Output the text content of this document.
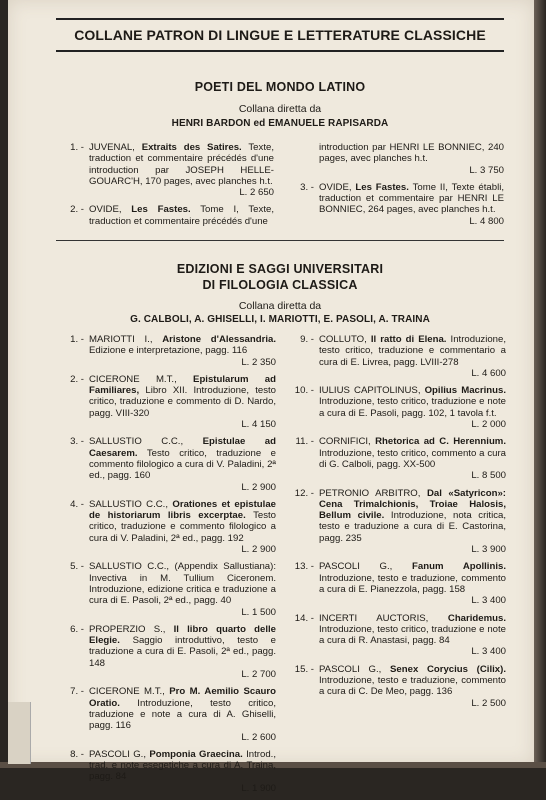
COLLANE PATRON DI LINGUE E LETTERATURE CLASSICHE
POETI DEL MONDO LATINO
Collana diretta da
HENRI BARDON ed EMANUELE RAPISARDA
1. - JUVENAL, Extraits des Satires. Texte, traduction et commentaire précédés d'une introduction par JOSEPH HELLE-GOUARC'H, 170 pages, avec planches h.t.
L. 2 650
2. - OVIDE, Les Fastes. Tome I, Texte, traduction et commentaire précédés d'une
introduction par HENRI LE BONNIEC, 240 pages, avec planches h.t.
L. 3 750
3. - OVIDE, Les Fastes. Tome II, Texte établi, traduction et commentaire par HENRI LE BONNIEC, 264 pages, avec planches h.t.
L. 4 800
EDIZIONI E SAGGI UNIVERSITARI
DI FILOLOGIA CLASSICA
Collana diretta da
G. CALBOLI, A. GHISELLI, I. MARIOTTI, E. PASOLI, A. TRAINA
1. - MARIOTTI I., Aristone d'Alessandria. Edizione e interpretazione, pagg. 116
L. 2 350
2. - CICERONE M.T., Epistularum ad Familiares, Libro XII. Introduzione, testo critico, traduzione e commento di D. Nardo, pagg. VIII-320
L. 4 150
3. - SALLUSTIO C.C., Epistulae ad Caesarem. Testo critico, traduzione e commento filologico a cura di V. Paladini, 2ª ed., pagg. 160
L. 2 900
4. - SALLUSTIO C.C., Orationes et epistulae de historiarum libris excerptae. Testo critico, traduzione e commento filologico a cura di V. Paladini, 2ª ed., pagg. 192
L. 2 900
5. - SALLUSTIO C.C., (Appendix Sallustiana): Invectiva in M. Tullium Ciceronem. Introduzione, edizione critica e traduzione a cura di E. Pasoli, 2ª ed., pagg. 40
L. 1 500
6. - PROPERZIO S., Il libro quarto delle Elegie. Saggio introduttivo, testo e traduzione a cura di E. Pasoli, 2ª ed., pagg. 148
L. 2 700
7. - CICERONE M.T., Pro M. Aemilio Scauro Oratio. Introduzione, testo critico, traduzione e note a cura di A. Ghiselli, pagg. 116
L. 2 600
8. - PASCOLI G., Pomponia Graecina. Introd., trad. e note esegetiche a cura di A. Traina, pagg. 84
L. 1 900
9. - COLLUTO, Il ratto di Elena. Introduzione, testo critico, traduzione e commentario a cura di E. Livrea, pagg. LVIII-278
L. 4 600
10. - IULIUS CAPITOLINUS, Opilius Macrinus. Introduzione, testo critico, traduzione e note a cura di E. Pasoli, pagg. 102, 1 tavola f.t.
L. 2 000
11. - CORNIFICI, Rhetorica ad C. Herennium. Introduzione, testo critico, commento a cura di G. Calboli, pagg. XX-500
L. 8 500
12. - PETRONIO ARBITRO, Dal «Satyricon»: Cena Trimalchionis, Troiae Halosis, Bellum civile. Introduzione, nota critica, testo e traduzione a cura di E. Castorina, pagg. 235
L. 3 900
13. - PASCOLI G., Fanum Apollinis. Introduzione, testo e traduzione, commento a cura di E. Pianezzola, pagg. 158
L. 3 400
14. - INCERTI AUCTORIS, Charidemus. Introduzione, testo critico, traduzione e note a cura di R. Anastasi, pagg. 84
L. 3 400
15. - PASCOLI G., Senex Corycius (Cilix). Introduzione, testo e traduzione, commento a cura di C. De Meo, pagg. 136
L. 2 500
